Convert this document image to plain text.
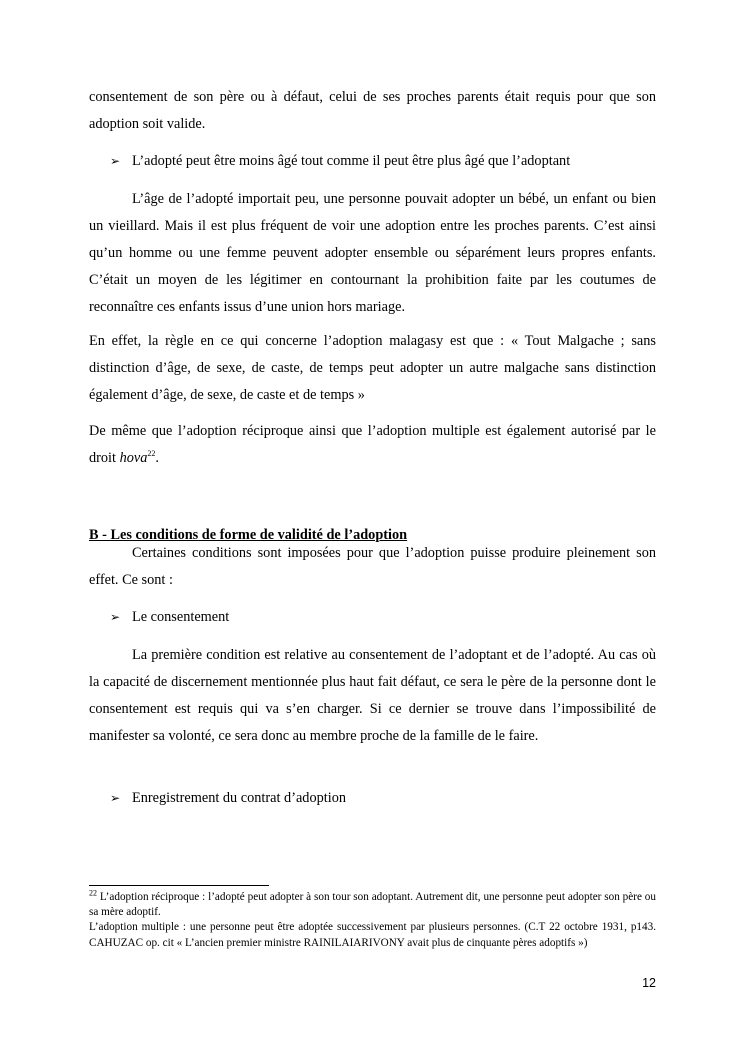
consentement de son père ou à défaut, celui de ses proches parents était requis pour que son adoption soit valide.

➢ L’adopté peut être moins âgé tout comme il peut être plus âgé que l’adoptant

L’âge de l’adopté importait peu, une personne pouvait adopter un bébé, un enfant ou bien un vieillard. Mais il est plus fréquent de voir une adoption entre les proches parents. C’est ainsi qu’un homme ou une femme peuvent adopter ensemble ou séparément leurs propres enfants. C’était un moyen de les légitimer en contournant la prohibition faite par les coutumes de reconnaître ces enfants issus d’une union hors mariage.

En effet, la règle en ce qui concerne l’adoption malagasy est que : « Tout Malgache ; sans distinction d’âge, de sexe, de caste, de temps peut adopter un autre malgache sans distinction également d’âge, de sexe, de caste et de temps »

De même que l’adoption réciproque ainsi que l’adoption multiple est également autorisé par le droit hova$^{22}$.

B - Les conditions de forme de validité de l’adoption

Certaines conditions sont imposées pour que l’adoption puisse produire pleinement son effet. Ce sont :

➢ Le consentement

La première condition est relative au consentement de l’adoptant et de l’adopté. Au cas où la capacité de discernement mentionnée plus haut fait défaut, ce sera le père de la personne dont le consentement est requis qui va s’en charger. Si ce dernier se trouve dans l’impossibilité de manifester sa volonté, ce sera donc au membre proche de la famille de le faire.

➢ Enregistrement du contrat d’adoption

$^{22}$ L’adoption réciproque : l’adopté peut adopter à son tour son adoptant. Autrement dit, une personne peut adopter son père ou sa mère adoptif.
L’adoption multiple : une personne peut être adoptée successivement par plusieurs personnes. (C.T 22 octobre 1931, p143. CAHUZAC op. cit « L’ancien premier ministre RAINILAIARIVONY avait plus de cinquante pères adoptifs »)

12
